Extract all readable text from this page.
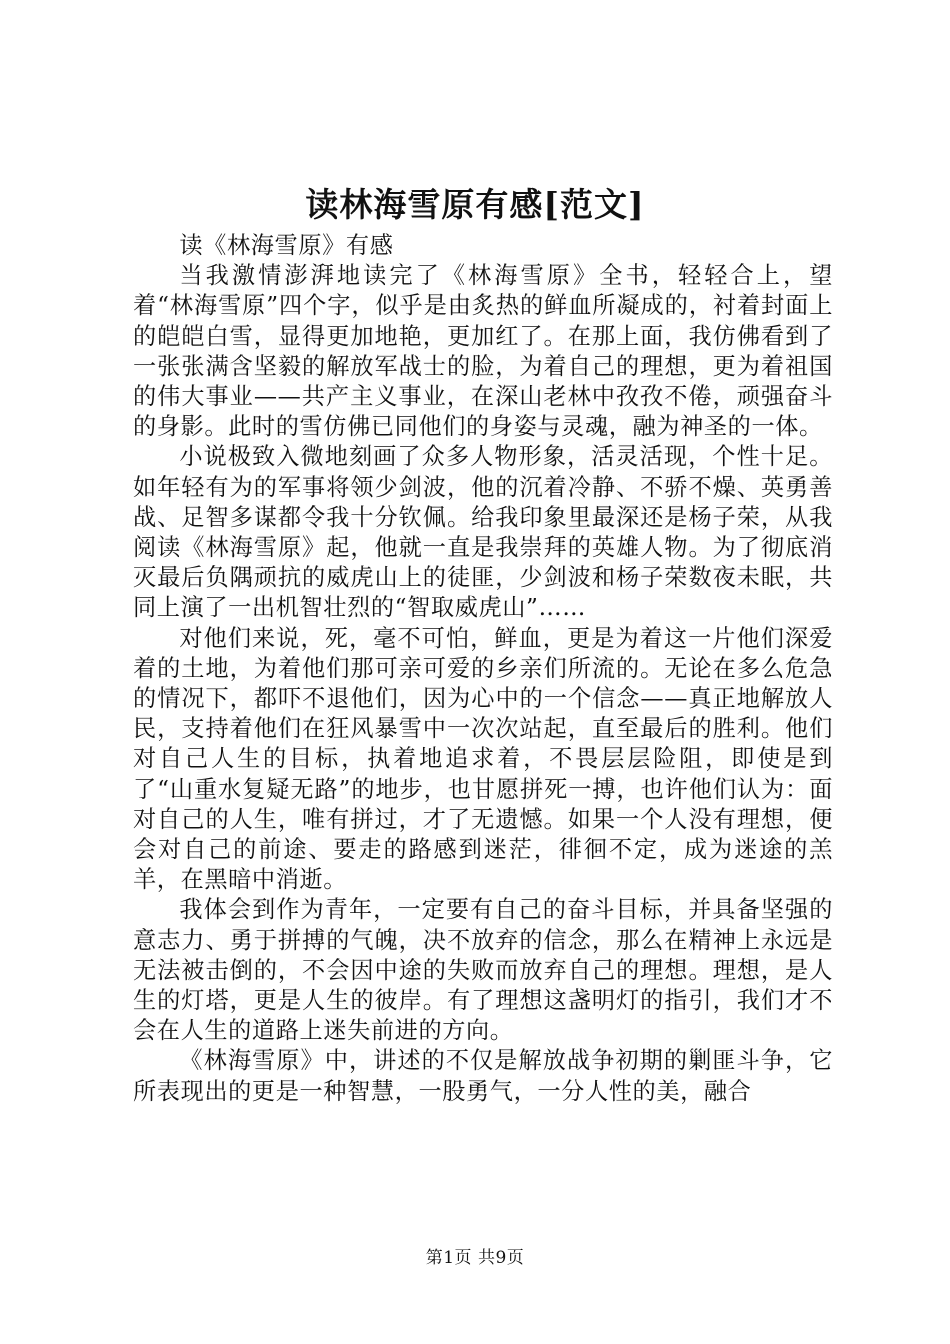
读林海雪原有感[范文]

读《林海雪原》有感

当我激情澎湃地读完了《林海雪原》全书，轻轻合上，望着“林海雪原”四个字，似乎是由炙热的鲜血所凝成的，衬着封面上的皑皑白雪，显得更加地艳，更加红了。在那上面，我仿佛看到了一张张满含坚毅的解放军战士的脸，为着自己的理想，更为着祖国的伟大事业——共产主义事业，在深山老林中孜孜不倦，顽强奋斗的身影。此时的雪仿佛已同他们的身姿与灵魂，融为神圣的一体。

小说极致入微地刻画了众多人物形象，活灵活现，个性十足。如年轻有为的军事将领少剑波，他的沉着冷静、不骄不燥、英勇善战、足智多谋都令我十分钦佩。给我印象里最深还是杨子荣，从我阅读《林海雪原》起，他就一直是我崇拜的英雄人物。为了彻底消灭最后负隅顽抗的威虎山上的徒匪，少剑波和杨子荣数夜未眠，共同上演了一出机智壮烈的“智取威虎山”……

对他们来说，死，毫不可怕，鲜血，更是为着这一片他们深爱着的土地，为着他们那可亲可爱的乡亲们所流的。无论在多么危急的情况下，都吓不退他们，因为心中的一个信念——真正地解放人民，支持着他们在狂风暴雪中一次次站起，直至最后的胜利。他们对自己人生的目标，执着地追求着，不畏层层险阻，即使是到了“山重水复疑无路”的地步，也甘愿拼死一搏，也许他们认为：面对自己的人生，唯有拼过，才了无遗憾。如果一个人没有理想，便会对自己的前途、要走的路感到迷茫，徘徊不定，成为迷途的羔羊，在黑暗中消逝。

我体会到作为青年，一定要有自己的奋斗目标，并具备坚强的意志力、勇于拼搏的气魄，决不放弃的信念，那么在精神上永远是无法被击倒的，不会因中途的失败而放弃自己的理想。理想，是人生的灯塔，更是人生的彼岸。有了理想这盏明灯的指引，我们才不会在人生的道路上迷失前进的方向。

《林海雪原》中，讲述的不仅是解放战争初期的剿匪斗争，它所表现出的更是一种智慧，一股勇气，一分人性的美，融合

第1页 共9页
